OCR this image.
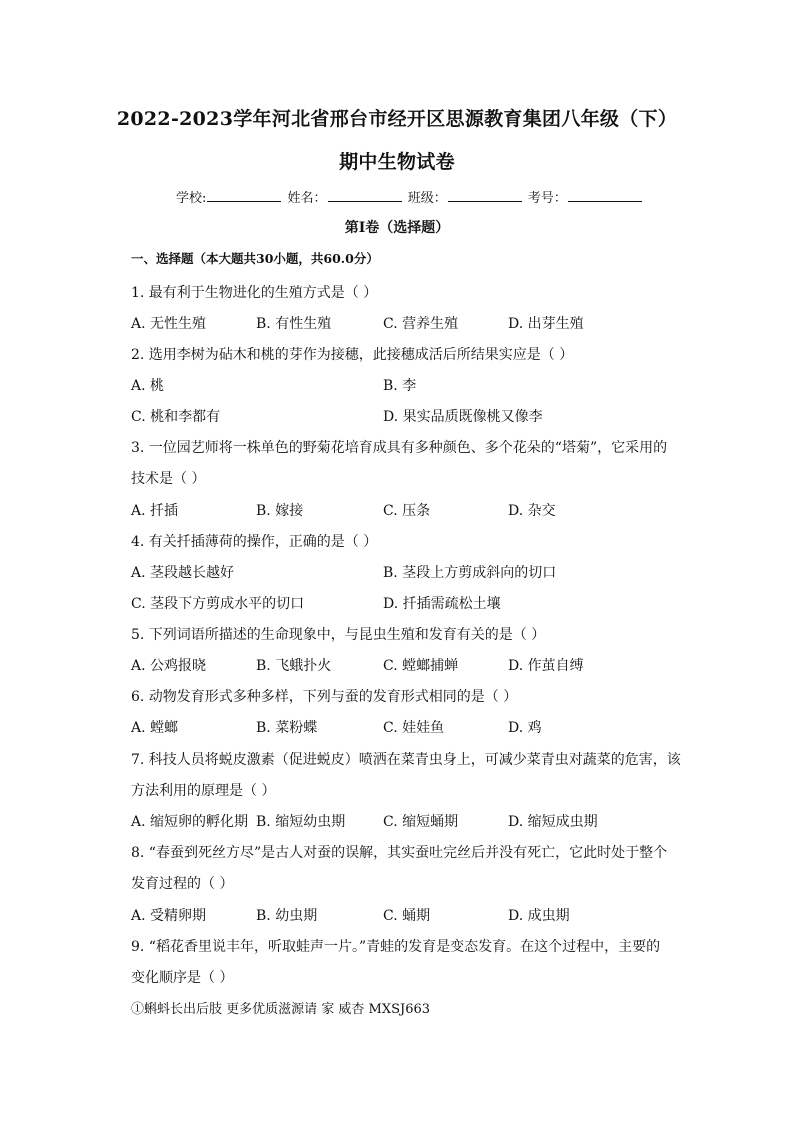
2022-2023学年河北省邢台市经开区思源教育集团八年级（下）
期中生物试卷
学校:	姓名：	班级：	考号：
第I卷（选择题）
一、选择题（本大题共30小题，共60.0分）
1. 最有利于生物进化的生殖方式是（ ）
A. 无性生殖	B. 有性生殖	C. 营养生殖	D. 出芽生殖
2. 选用李树为砧木和桃的芽作为接穗，此接穗成活后所结果实应是（ ）
A. 桃	B. 李
C. 桃和李都有	D. 果实品质既像桃又像李
3. 一位园艺师将一株单色的野菊花培育成具有多种颜色、多个花朵的“塔菊”，它采用的
技术是（ ）
A. 扦插	B. 嫁接	C. 压条	D. 杂交
4. 有关扦插薄荷的操作，正确的是（ ）
A. 茎段越长越好	B. 茎段上方剪成斜向的切口
C. 茎段下方剪成水平的切口	D. 扦插需疏松土壤
5. 下列词语所描述的生命现象中，与昆虫生殖和发育有关的是（ ）
A. 公鸡报晓	B. 飞蛾扑火	C. 螳螂捕蝉	D. 作茧自缚
6. 动物发育形式多种多样，下列与蚕的发育形式相同的是（ ）
A. 螳螂	B. 菜粉蝶	C. 娃娃鱼	D. 鸡
7. 科技人员将蜕皮激素（促进蜕皮）喷洒在菜青虫身上，可减少菜青虫对蔬菜的危害，该
方法利用的原理是（ ）
A. 缩短卵的孵化期 B. 缩短幼虫期	C. 缩短蛹期	D. 缩短成虫期
8. “春蚕到死丝方尽”是古人对蚕的误解，其实蚕吐完丝后并没有死亡，它此时处于整个
发育过程的（ ）
A. 受精卵期	B. 幼虫期	C. 蛹期	D. 成虫期
9. “稻花香里说丰年，听取蛙声一片。”青蛙的发育是变态发育。在这个过程中，主要的
变化顺序是（ ）
①蝌蚪长出后肢 更多优质滋源请 家 威杏 MXSJ663
